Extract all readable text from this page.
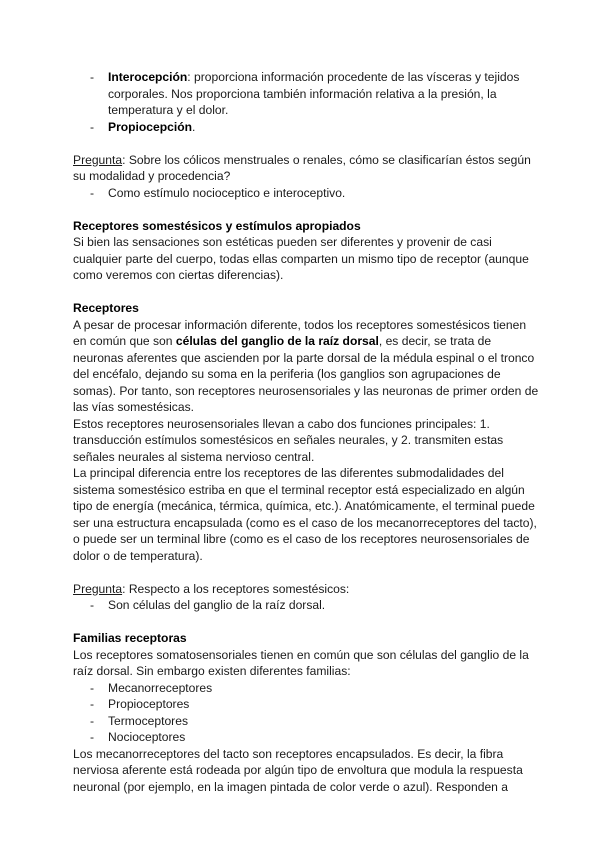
- Interocepción: proporciona información procedente de las vísceras y tejidos corporales. Nos proporciona también información relativa a la presión, la temperatura y el dolor.
- Propiocepción.

Pregunta: Sobre los cólicos menstruales o renales, cómo se clasificarían éstos según su modalidad y procedencia?

- Como estímulo nocioceptico e interoceptivo.

Receptores somestésicos y estímulos apropiados

Si bien las sensaciones son estéticas pueden ser diferentes y provenir de casi cualquier parte del cuerpo, todas ellas comparten un mismo tipo de receptor (aunque como veremos con ciertas diferencias).

Receptores

A pesar de procesar información diferente, todos los receptores somestésicos tienen en común que son células del ganglio de la raíz dorsal, es decir, se trata de neuronas aferentes que ascienden por la parte dorsal de la médula espinal o el tronco del encéfalo, dejando su soma en la periferia (los ganglios son agrupaciones de somas). Por tanto, son receptores neurosensoriales y las neuronas de primer orden de las vías somestésicas.

Estos receptores neurosensoriales llevan a cabo dos funciones principales: 1. transducción estímulos somestésicos en señales neurales, y 2. transmiten estas señales neurales al sistema nervioso central.

La principal diferencia entre los receptores de las diferentes submodalidades del sistema somestésico estriba en que el terminal receptor está especializado en algún tipo de energía (mecánica, térmica, química, etc.). Anatómicamente, el terminal puede ser una estructura encapsulada (como es el caso de los mecanorreceptores del tacto), o puede ser un terminal libre (como es el caso de los receptores neurosensoriales de dolor o de temperatura).

Pregunta: Respecto a los receptores somestésicos:

- Son células del ganglio de la raíz dorsal.

Familias receptoras

Los receptores somatosensoriales tienen en común que son células del ganglio de la raíz dorsal. Sin embargo existen diferentes familias:

- Mecanorreceptores
- Propioceptores
- Termoceptores
- Nocioceptores

Los mecanorreceptores del tacto son receptores encapsulados. Es decir, la fibra nerviosa aferente está rodeada por algún tipo de envoltura que modula la respuesta neuronal (por ejemplo, en la imagen pintada de color verde o azul). Responden a
